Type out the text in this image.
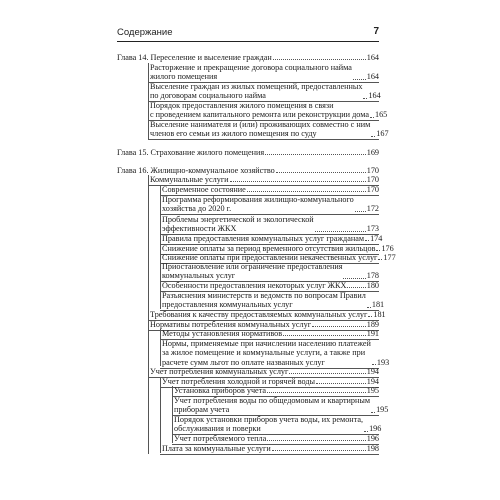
Содержание	7
Глава 14. Переселение и выселение граждан	164
Расторжение и прекращение договора социального найма
жилого помещения	164
Выселение граждан из жилых помещений, предоставленных
по договорам социального найма	164
Порядок предоставления жилого помещения в связи
с проведением капитального ремонта или реконструкции дома 165
Выселение нанимателя и (или) проживающих совместно с ним
членов его семьи из жилого помещения по суду	167
Глава 15. Страхование жилого помещения	169
Глава 16. Жилищно-коммунальное хозяйство	170
Коммунальные услуги	170
Современное состояние	170
Программа реформирования жилищно-коммунального
хозяйства до 2020 г.	172
Проблемы энергетической и экологической
эффективности ЖКХ	173
Правила предоставления коммунальных услуг гражданам 174
Снижение оплаты за период временного отсутствия жильцов 176
Снижение оплаты при предоставлении некачественных услуг 177
Приостановление или ограничение предоставления
коммунальных услуг	178
Особенности предоставления некоторых услуг ЖКХ 180
Разъяснения министерств и ведомств по вопросам Правил
предоставления коммунальных услуг	181
Требования к качеству предоставляемых коммунальных услуг 181
Нормативы потребления коммунальных услуг	189
Методы установления нормативов	191
Нормы, применяемые при начислении населению платежей
за жилое помещение и коммунальные услуги, а также при
расчете сумм льгот по оплате названных услуг	193
Учет потребления коммунальных услуг	194
Учет потребления холодной и горячей воды	194
Установка приборов учета	195
Учет потребления воды по общедомовым и квартирным
приборам учета	195
Порядок установки приборов учета воды, их ремонта,
обслуживания и поверки	196
Учет потребляемого тепла	196
Плата за коммунальные услуги	198
